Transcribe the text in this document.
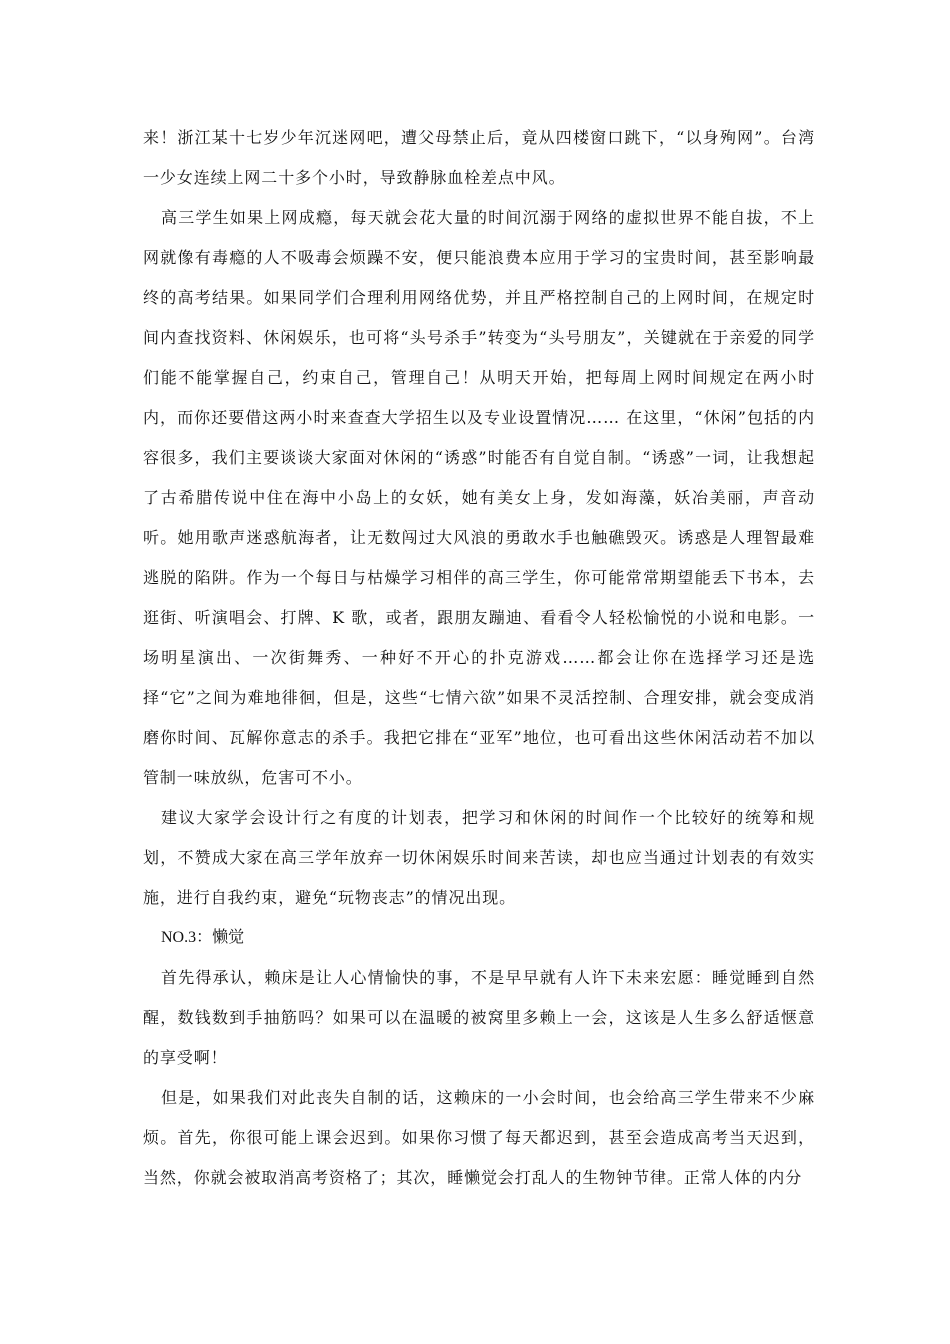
来！浙江某十七岁少年沉迷网吧，遭父母禁止后，竟从四楼窗口跳下，“以身殉网”。台湾一少女连续上网二十多个小时，导致静脉血栓差点中风。

高三学生如果上网成瘾，每天就会花大量的时间沉溺于网络的虚拟世界不能自拔，不上网就像有毒瘾的人不吸毒会烦躁不安，便只能浪费本应用于学习的宝贵时间，甚至影响最终的高考结果。如果同学们合理利用网络优势，并且严格控制自己的上网时间，在规定时间内查找资料、休闲娱乐，也可将“头号杀手”转变为“头号朋友”，关键就在于亲爱的同学们能不能掌握自己，约束自己，管理自己！从明天开始，把每周上网时间规定在两小时内，而你还要借这两小时来查查大学招生以及专业设置情况…… 在这里，“休闲”包括的内容很多，我们主要谈谈大家面对休闲的“诱惑”时能否有自觉自制。“诱惑”一词，让我想起了古希腊传说中住在海中小岛上的女妖，她有美女上身，发如海藻，妖冶美丽，声音动听。她用歌声迷惑航海者，让无数闯过大风浪的勇敢水手也触礁毁灭。诱惑是人理智最难逃脱的陷阱。作为一个每日与枯燥学习相伴的高三学生，你可能常常期望能丢下书本，去逛街、听演唱会、打牌、K 歌，或者，跟朋友蹦迪、看看令人轻松愉悦的小说和电影。一场明星演出、一次街舞秀、一种好不开心的扑克游戏……都会让你在选择学习还是选择“它”之间为难地徘徊，但是，这些“七情六欲”如果不灵活控制、合理安排，就会变成消磨你时间、瓦解你意志的杀手。我把它排在“亚军”地位，也可看出这些休闲活动若不加以管制一味放纵，危害可不小。

建议大家学会设计行之有度的计划表，把学习和休闲的时间作一个比较好的统筹和规划，不赞成大家在高三学年放弃一切休闲娱乐时间来苦读，却也应当通过计划表的有效实施，进行自我约束，避免“玩物丧志”的情况出现。

NO.3：懒觉

首先得承认，赖床是让人心情愉快的事，不是早早就有人许下未来宏愿：睡觉睡到自然醒，数钱数到手抽筋吗？如果可以在温暖的被窝里多赖上一会，这该是人生多么舒适惬意的享受啊！

但是，如果我们对此丧失自制的话，这赖床的一小会时间，也会给高三学生带来不少麻烦。首先，你很可能上课会迟到。如果你习惯了每天都迟到，甚至会造成高考当天迟到，当然，你就会被取消高考资格了；其次，睡懒觉会打乱人的生物钟节律。正常人体的内分
